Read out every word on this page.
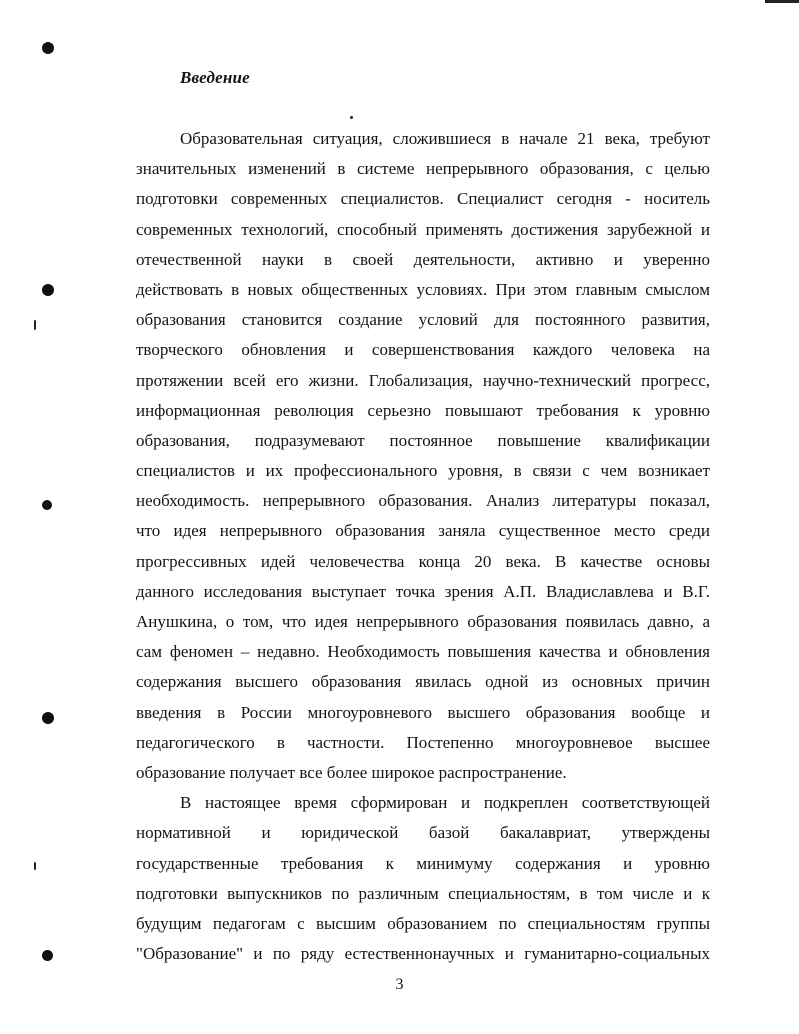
Введение
Образовательная ситуация, сложившиеся в начале 21 века, требуют
значительных изменений в системе непрерывного образования, с целью
подготовки современных специалистов. Специалист сегодня - носитель
современных технологий, способный применять достижения зарубежной и
отечественной науки в своей деятельности, активно и уверенно
действовать в новых общественных условиях. При этом главным смыслом
образования становится создание условий для постоянного развития,
творческого обновления и совершенствования каждого человека на
протяжении всей его жизни. Глобализация, научно-технический прогресс,
информационная революция серьезно повышают требования к уровню
образования, подразумевают постоянное повышение квалификации
специалистов и их профессионального уровня, в связи с чем возникает
необходимость. непрерывного образования. Анализ литературы показал,
что идея непрерывного образования заняла существенное место среди
прогрессивных идей человечества конца 20 века. В качестве основы
данного исследования выступает точка зрения А.П. Владиславлева и В.Г.
Анушкина, о том, что идея непрерывного образования появилась давно, а
сам феномен – недавно. Необходимость повышения качества и обновления
содержания высшего образования явилась одной из основных причин
введения в России многоуровневого высшего образования вообще и
педагогического в частности. Постепенно многоуровневое высшее
образование получает все более широкое распространение.
В настоящее время сформирован и подкреплен соответствующей
нормативной и юридической базой бакалавриат, утверждены
государственные требования к минимуму содержания и уровню
подготовки выпускников по различным специальностям, в том числе и к
будущим педагогам с высшим образованием по специальностям группы
"Образование" и по ряду естественнонаучных и гуманитарно-социальных
3
